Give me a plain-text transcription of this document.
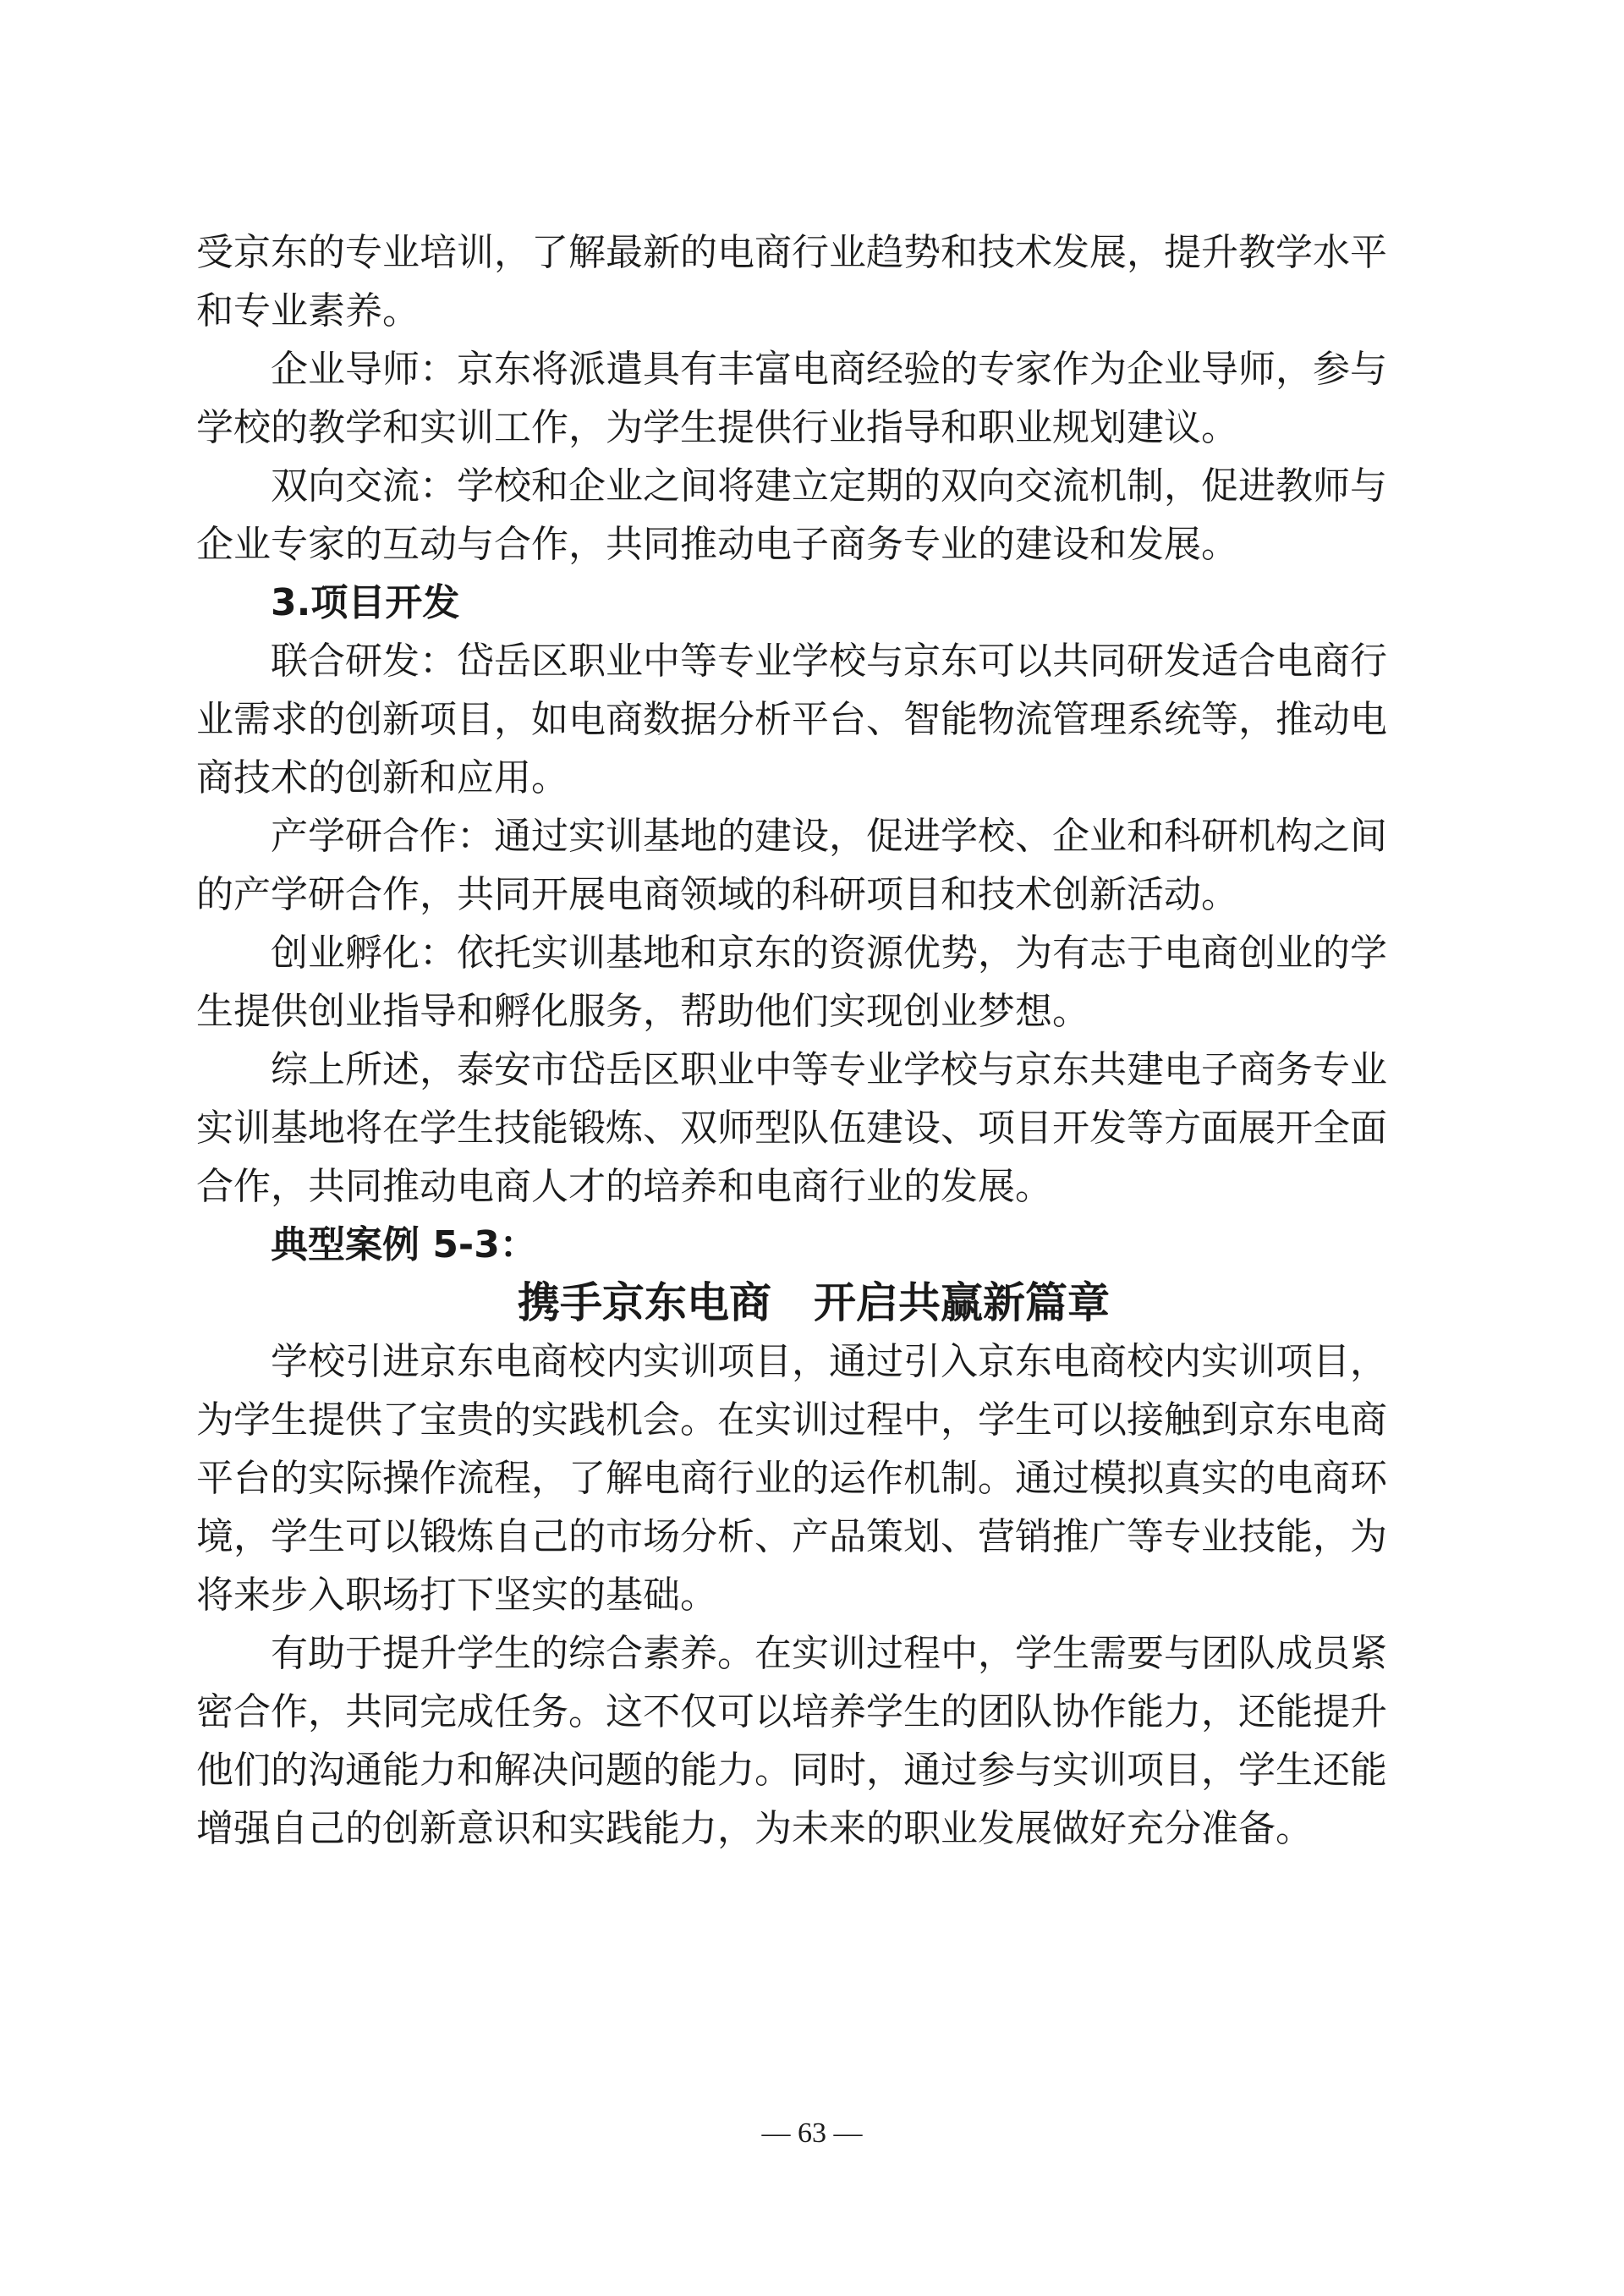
受京东的专业培训，了解最新的电商行业趋势和技术发展，提升教学水平
和专业素养。
企业导师：京东将派遣具有丰富电商经验的专家作为企业导师，参与
学校的教学和实训工作，为学生提供行业指导和职业规划建议。
双向交流：学校和企业之间将建立定期的双向交流机制，促进教师与
企业专家的互动与合作，共同推动电子商务专业的建设和发展。
3.项目开发
联合研发：岱岳区职业中等专业学校与京东可以共同研发适合电商行
业需求的创新项目，如电商数据分析平台、智能物流管理系统等，推动电
商技术的创新和应用。
产学研合作：通过实训基地的建设，促进学校、企业和科研机构之间
的产学研合作，共同开展电商领域的科研项目和技术创新活动。
创业孵化：依托实训基地和京东的资源优势，为有志于电商创业的学
生提供创业指导和孵化服务，帮助他们实现创业梦想。
综上所述，泰安市岱岳区职业中等专业学校与京东共建电子商务专业
实训基地将在学生技能锻炼、双师型队伍建设、项目开发等方面展开全面
合作，共同推动电商人才的培养和电商行业的发展。
典型案例 5-3：
携手京东电商　开启共赢新篇章
学校引进京东电商校内实训项目，通过引入京东电商校内实训项目，
为学生提供了宝贵的实践机会。在实训过程中，学生可以接触到京东电商
平台的实际操作流程，了解电商行业的运作机制。通过模拟真实的电商环
境，学生可以锻炼自己的市场分析、产品策划、营销推广等专业技能，为
将来步入职场打下坚实的基础。
有助于提升学生的综合素养。在实训过程中，学生需要与团队成员紧
密合作，共同完成任务。这不仅可以培养学生的团队协作能力，还能提升
他们的沟通能力和解决问题的能力。同时，通过参与实训项目，学生还能
增强自己的创新意识和实践能力，为未来的职业发展做好充分准备。
— 63 —
